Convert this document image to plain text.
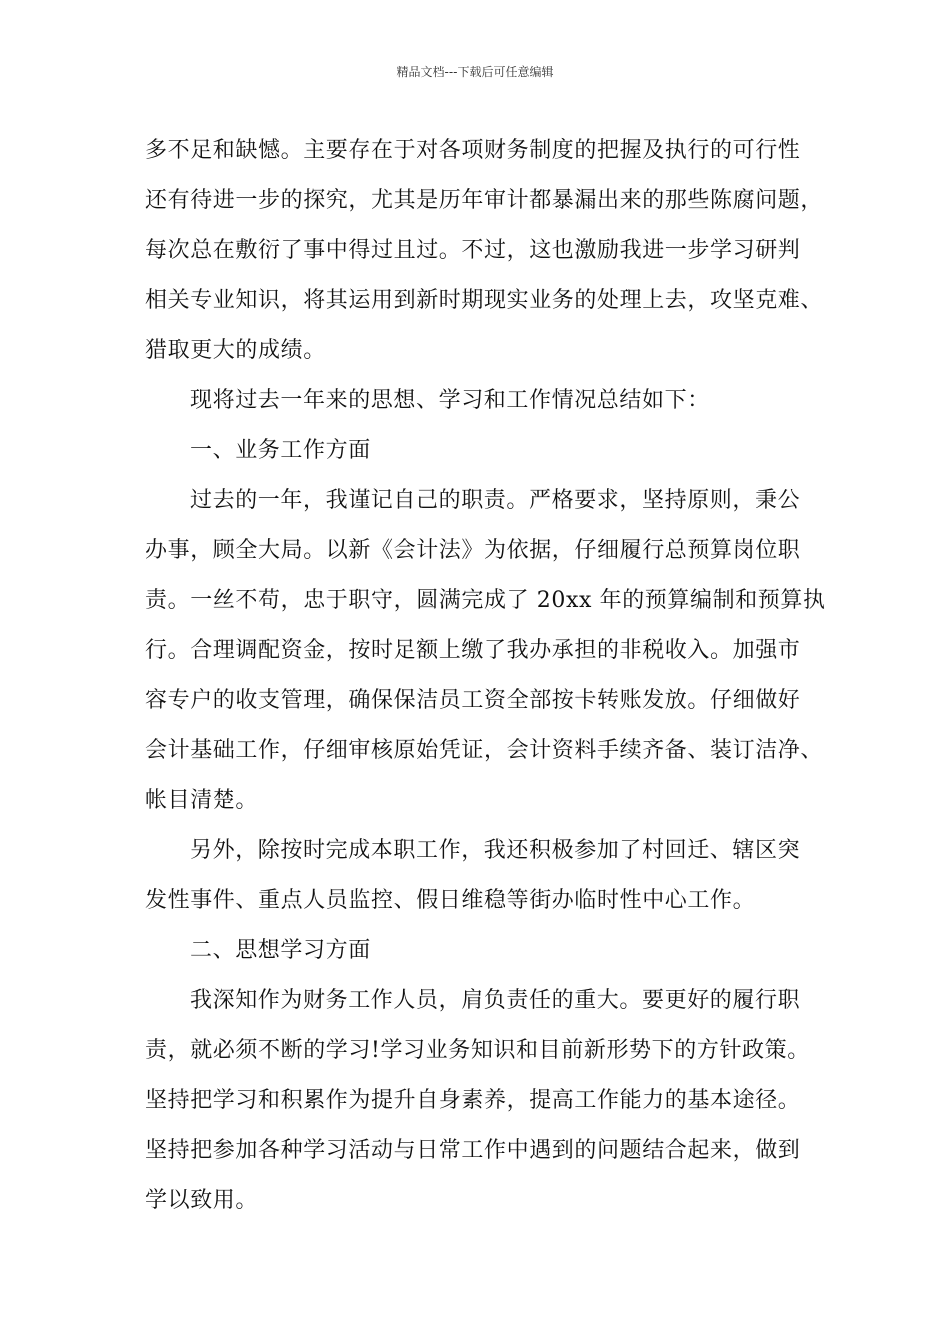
精品文档---下载后可任意编辑
多不足和缺憾。主要存在于对各项财务制度的把握及执行的可行性
还有待进一步的探究，尤其是历年审计都暴漏出来的那些陈腐问题，
每次总在敷衍了事中得过且过。不过，这也激励我进一步学习研判
相关专业知识，将其运用到新时期现实业务的处理上去，攻坚克难、
猎取更大的成绩。
现将过去一年来的思想、学习和工作情况总结如下：
一、业务工作方面
过去的一年，我谨记自己的职责。严格要求，坚持原则，秉公
办事，顾全大局。以新《会计法》为依据，仔细履行总预算岗位职
责。一丝不苟，忠于职守，圆满完成了 20xx 年的预算编制和预算执
行。合理调配资金，按时足额上缴了我办承担的非税收入。加强市
容专户的收支管理，确保保洁员工资全部按卡转账发放。仔细做好
会计基础工作，仔细审核原始凭证，会计资料手续齐备、装订洁净、
帐目清楚。
另外，除按时完成本职工作，我还积极参加了村回迁、辖区突
发性事件、重点人员监控、假日维稳等街办临时性中心工作。
二、思想学习方面
我深知作为财务工作人员，肩负责任的重大。要更好的履行职
责，就必须不断的学习!学习业务知识和目前新形势下的方针政策。
坚持把学习和积累作为提升自身素养，提高工作能力的基本途径。
坚持把参加各种学习活动与日常工作中遇到的问题结合起来，做到
学以致用。
